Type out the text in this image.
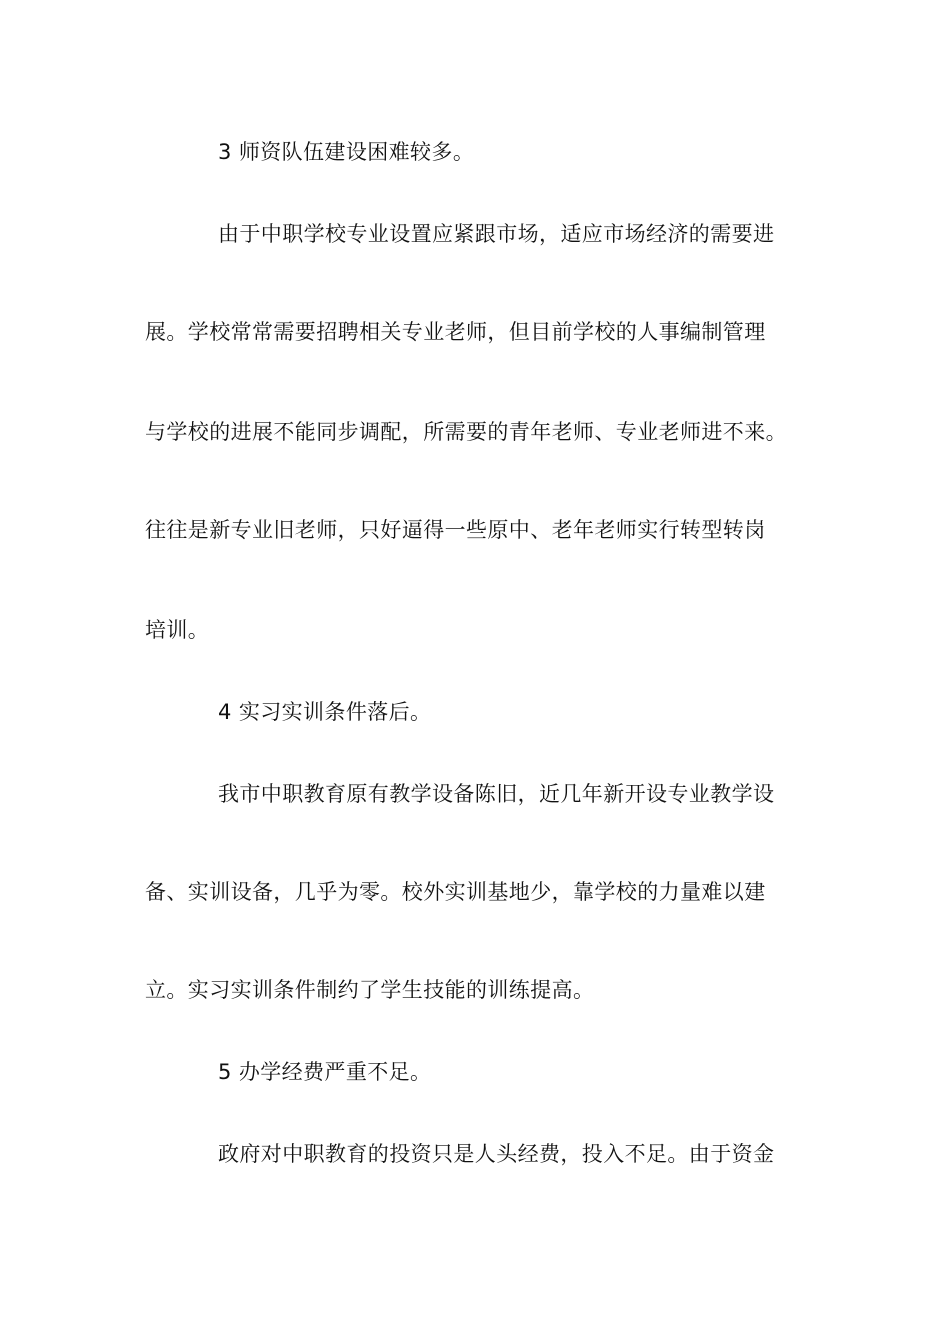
3 师资队伍建设困难较多。
由于中职学校专业设置应紧跟市场，适应市场经济的需要进
展。学校常常需要招聘相关专业老师，但目前学校的人事编制管理
与学校的进展不能同步调配，所需要的青年老师、专业老师进不来。
往往是新专业旧老师，只好逼得一些原中、老年老师实行转型转岗
培训。
4 实习实训条件落后。
我市中职教育原有教学设备陈旧，近几年新开设专业教学设
备、实训设备，几乎为零。校外实训基地少，靠学校的力量难以建
立。实习实训条件制约了学生技能的训练提高。
5 办学经费严重不足。
政府对中职教育的投资只是人头经费，投入不足。由于资金
